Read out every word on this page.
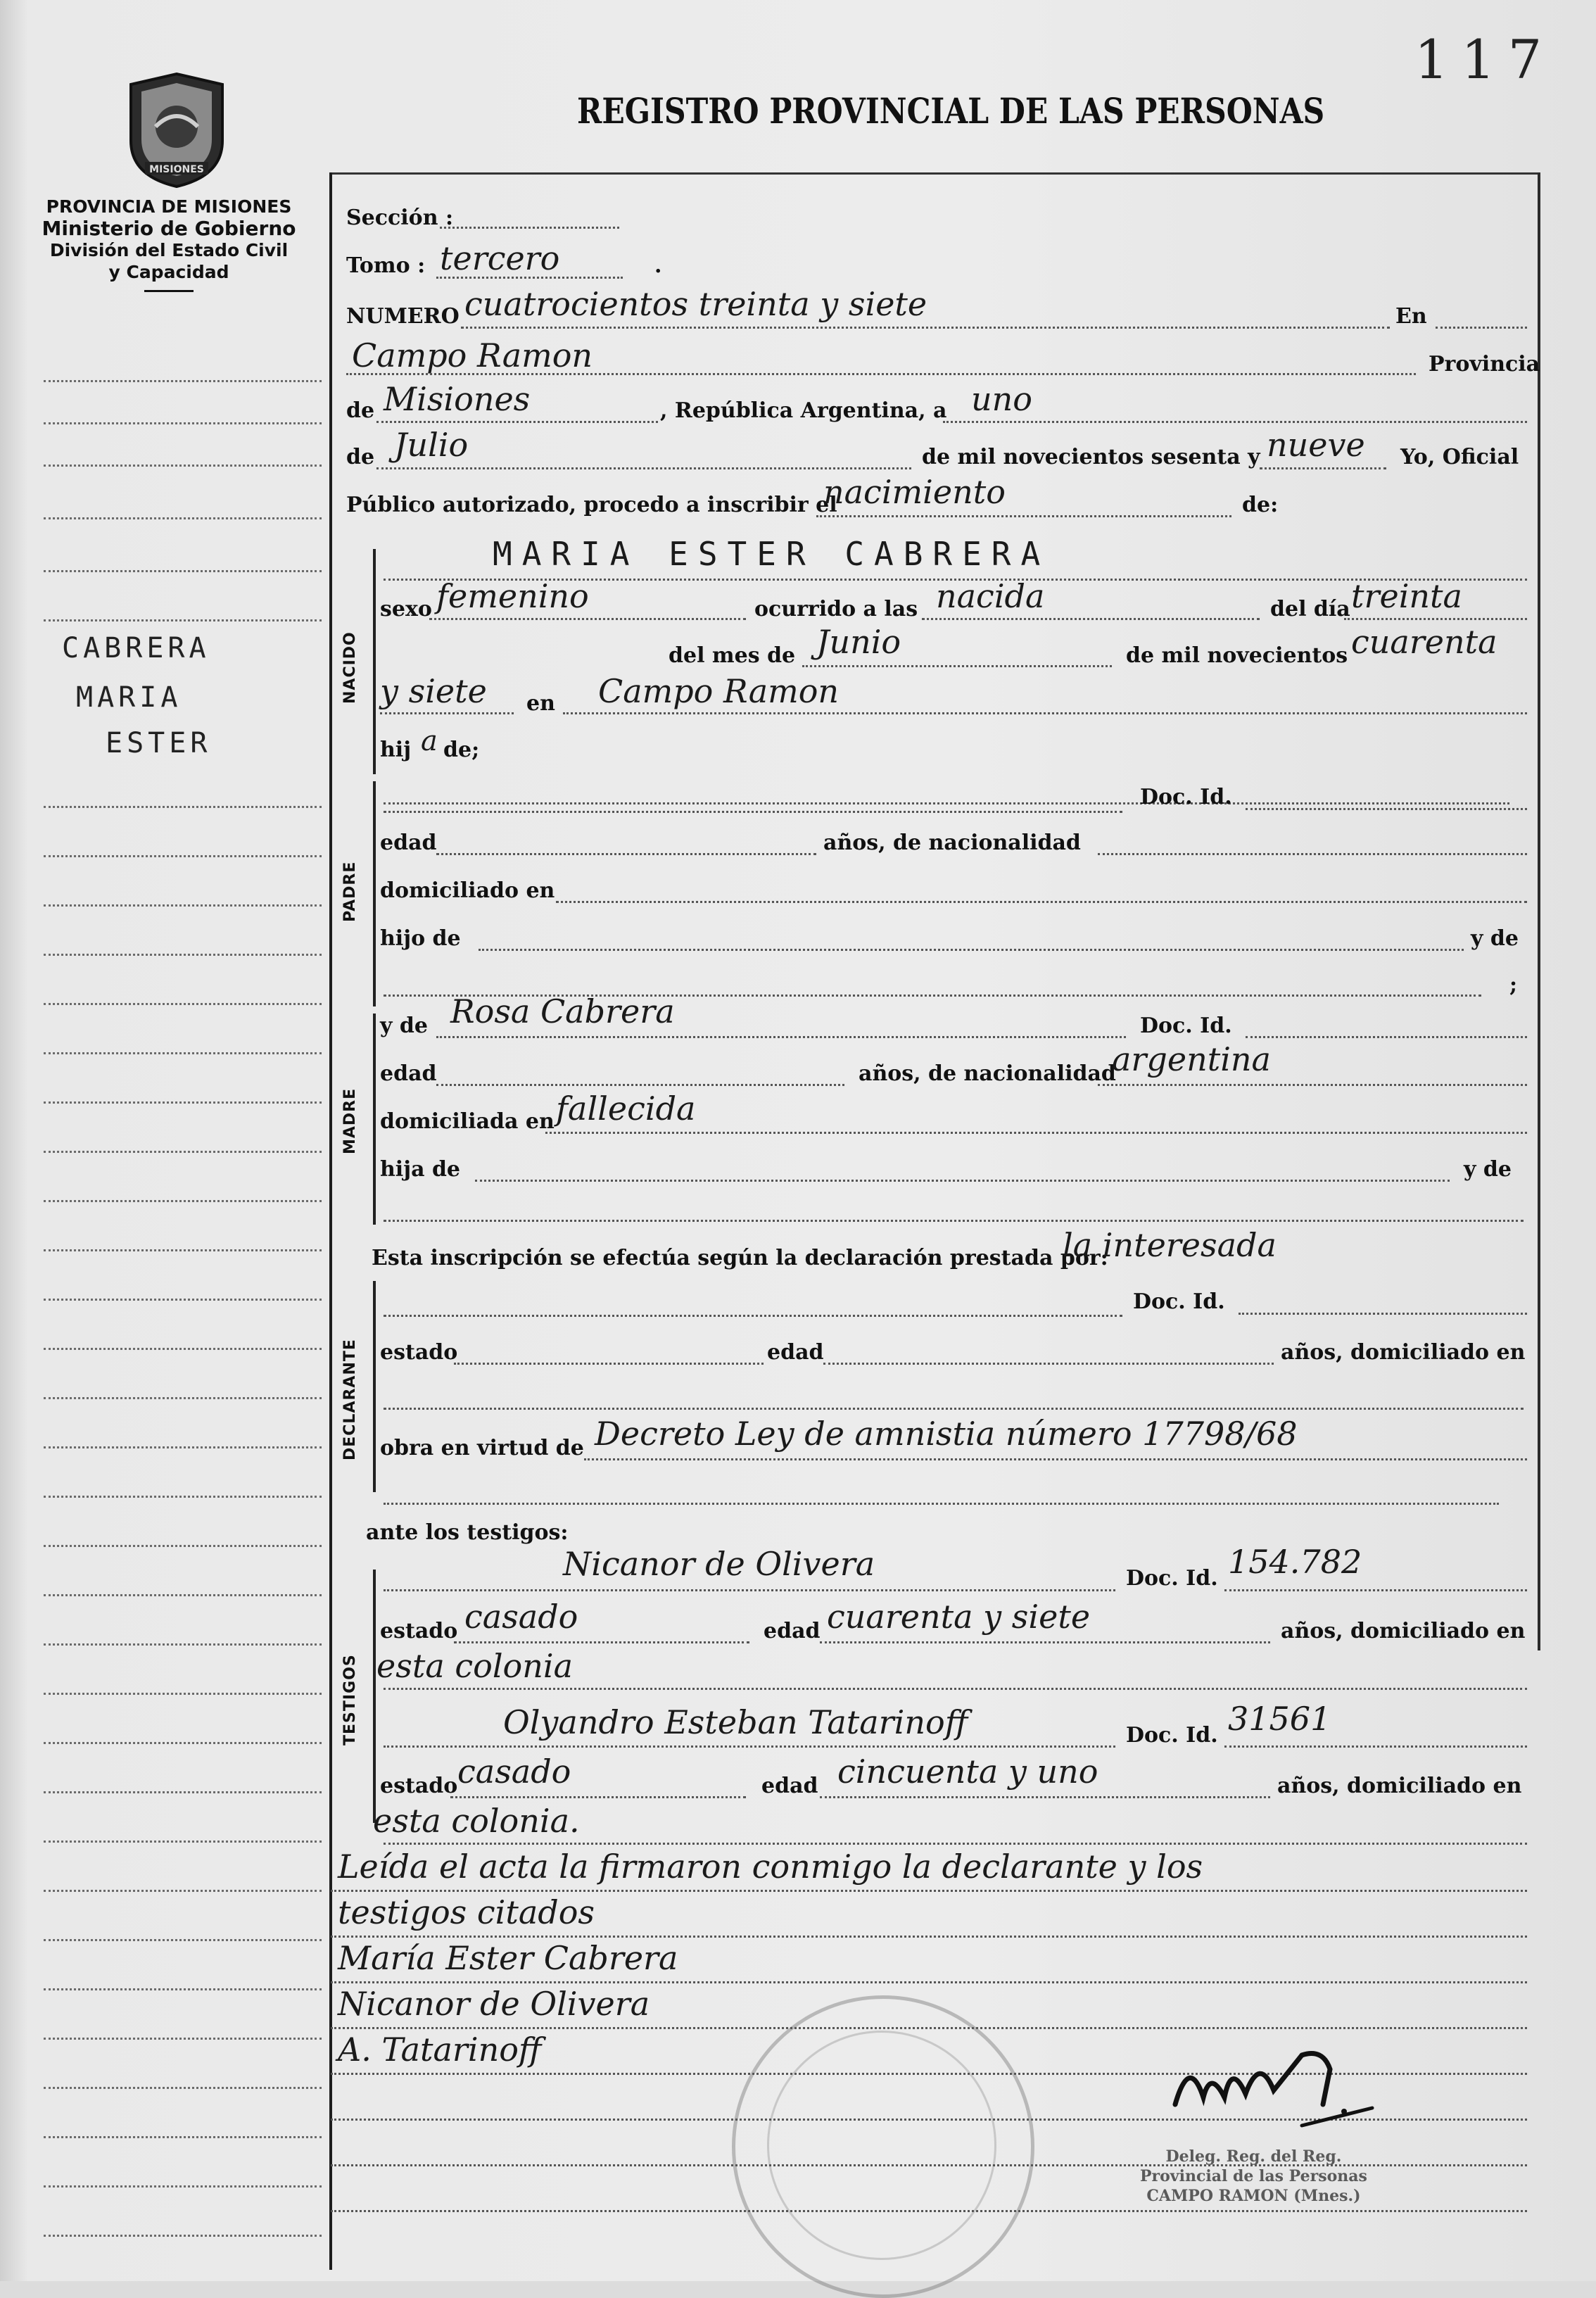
117
REGISTRO PROVINCIAL DE LAS PERSONAS
MISIONES
PROVINCIA DE MISIONES
Ministerio de Gobierno
División del Estado Civil
y Capacidad
CABRERA
MARIA
ESTER
Sección :
Tomo : tercero	.
NUMERO cuatrocientos treinta y siete	En
Campo Ramon	Provincia
de Misiones	, República Argentina, a uno
de Julio	de mil novecientos sesenta y nueve Yo, Oficial
Público autorizado, procedo a inscribir el
nacimiento	de:
NACIDO
MARIA ESTER CABRERA
sexo femenino	ocurrido a las nacida	del día treinta
del mes de Junio	de mil novecientos cuarenta
y siete en Campo Ramon
hij a de;
PADRE
Doc. Id.
edad	años, de nacionalidad
domiciliado en
hijo de	y de
;
MADRE
y de Rosa Cabrera	Doc. Id.
edad	años, de nacionalidad
argentina
domiciliada en fallecida
hija de	y de
Esta inscripción se efectúa según la declaración prestada por:
la interesada
DECLARANTE
Doc. Id.
estado	edad	años, domiciliado en
obra en virtud de Decreto Ley de amnistia número 17798/68
ante los testigos:
TESTIGOS
Nicanor de Olivera	Doc. Id. 154.782
estado casado	edad cuarenta y siete	años, domiciliado en
esta colonia
Olyandro Esteban Tatarinoff	Doc. Id. 31561
estado casado	edad cincuenta y uno	años, domiciliado en
esta colonia.
Leída el acta la firmaron conmigo la declarante y los
testigos citados
María Ester Cabrera
Nicanor de Olivera
A. Tatarinoff
Deleg. Reg. del Reg.
Provincial de las Personas
CAMPO RAMON (Mnes.)
